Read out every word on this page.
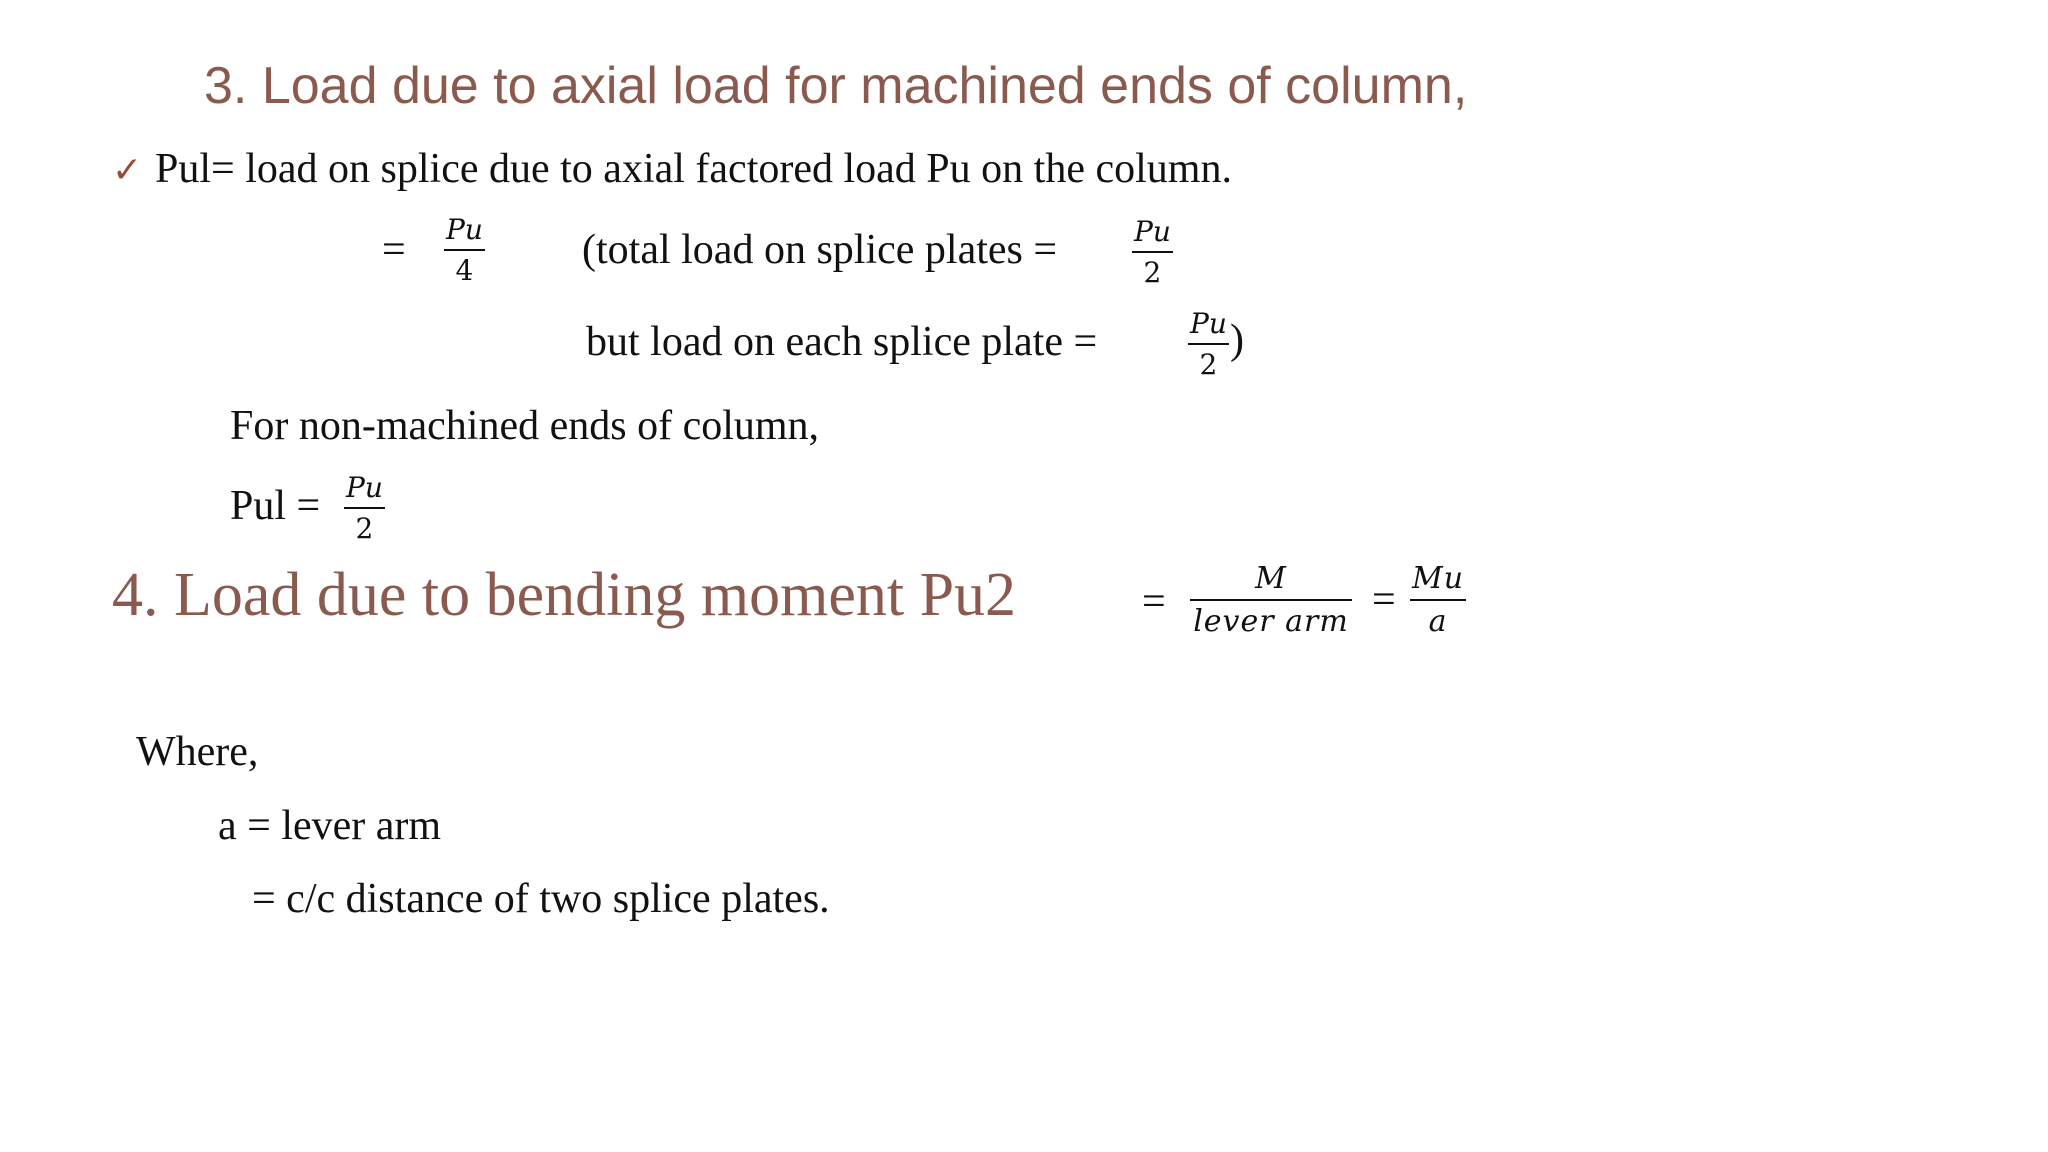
3. Load due to axial load for machined ends of column,
✓ Pul= load on splice due to axial factored load Pu on the column.
= Pu
4	(total load on splice plates =	Pu
2
but load on each splice plate =	Pu
2
)
For non-machined ends of column,
Pul = Pu
2
4. Load due to bending moment Pu2	=
M
lever arm = Mu
a
Where,
a = lever arm
= c/c distance of two splice plates.
